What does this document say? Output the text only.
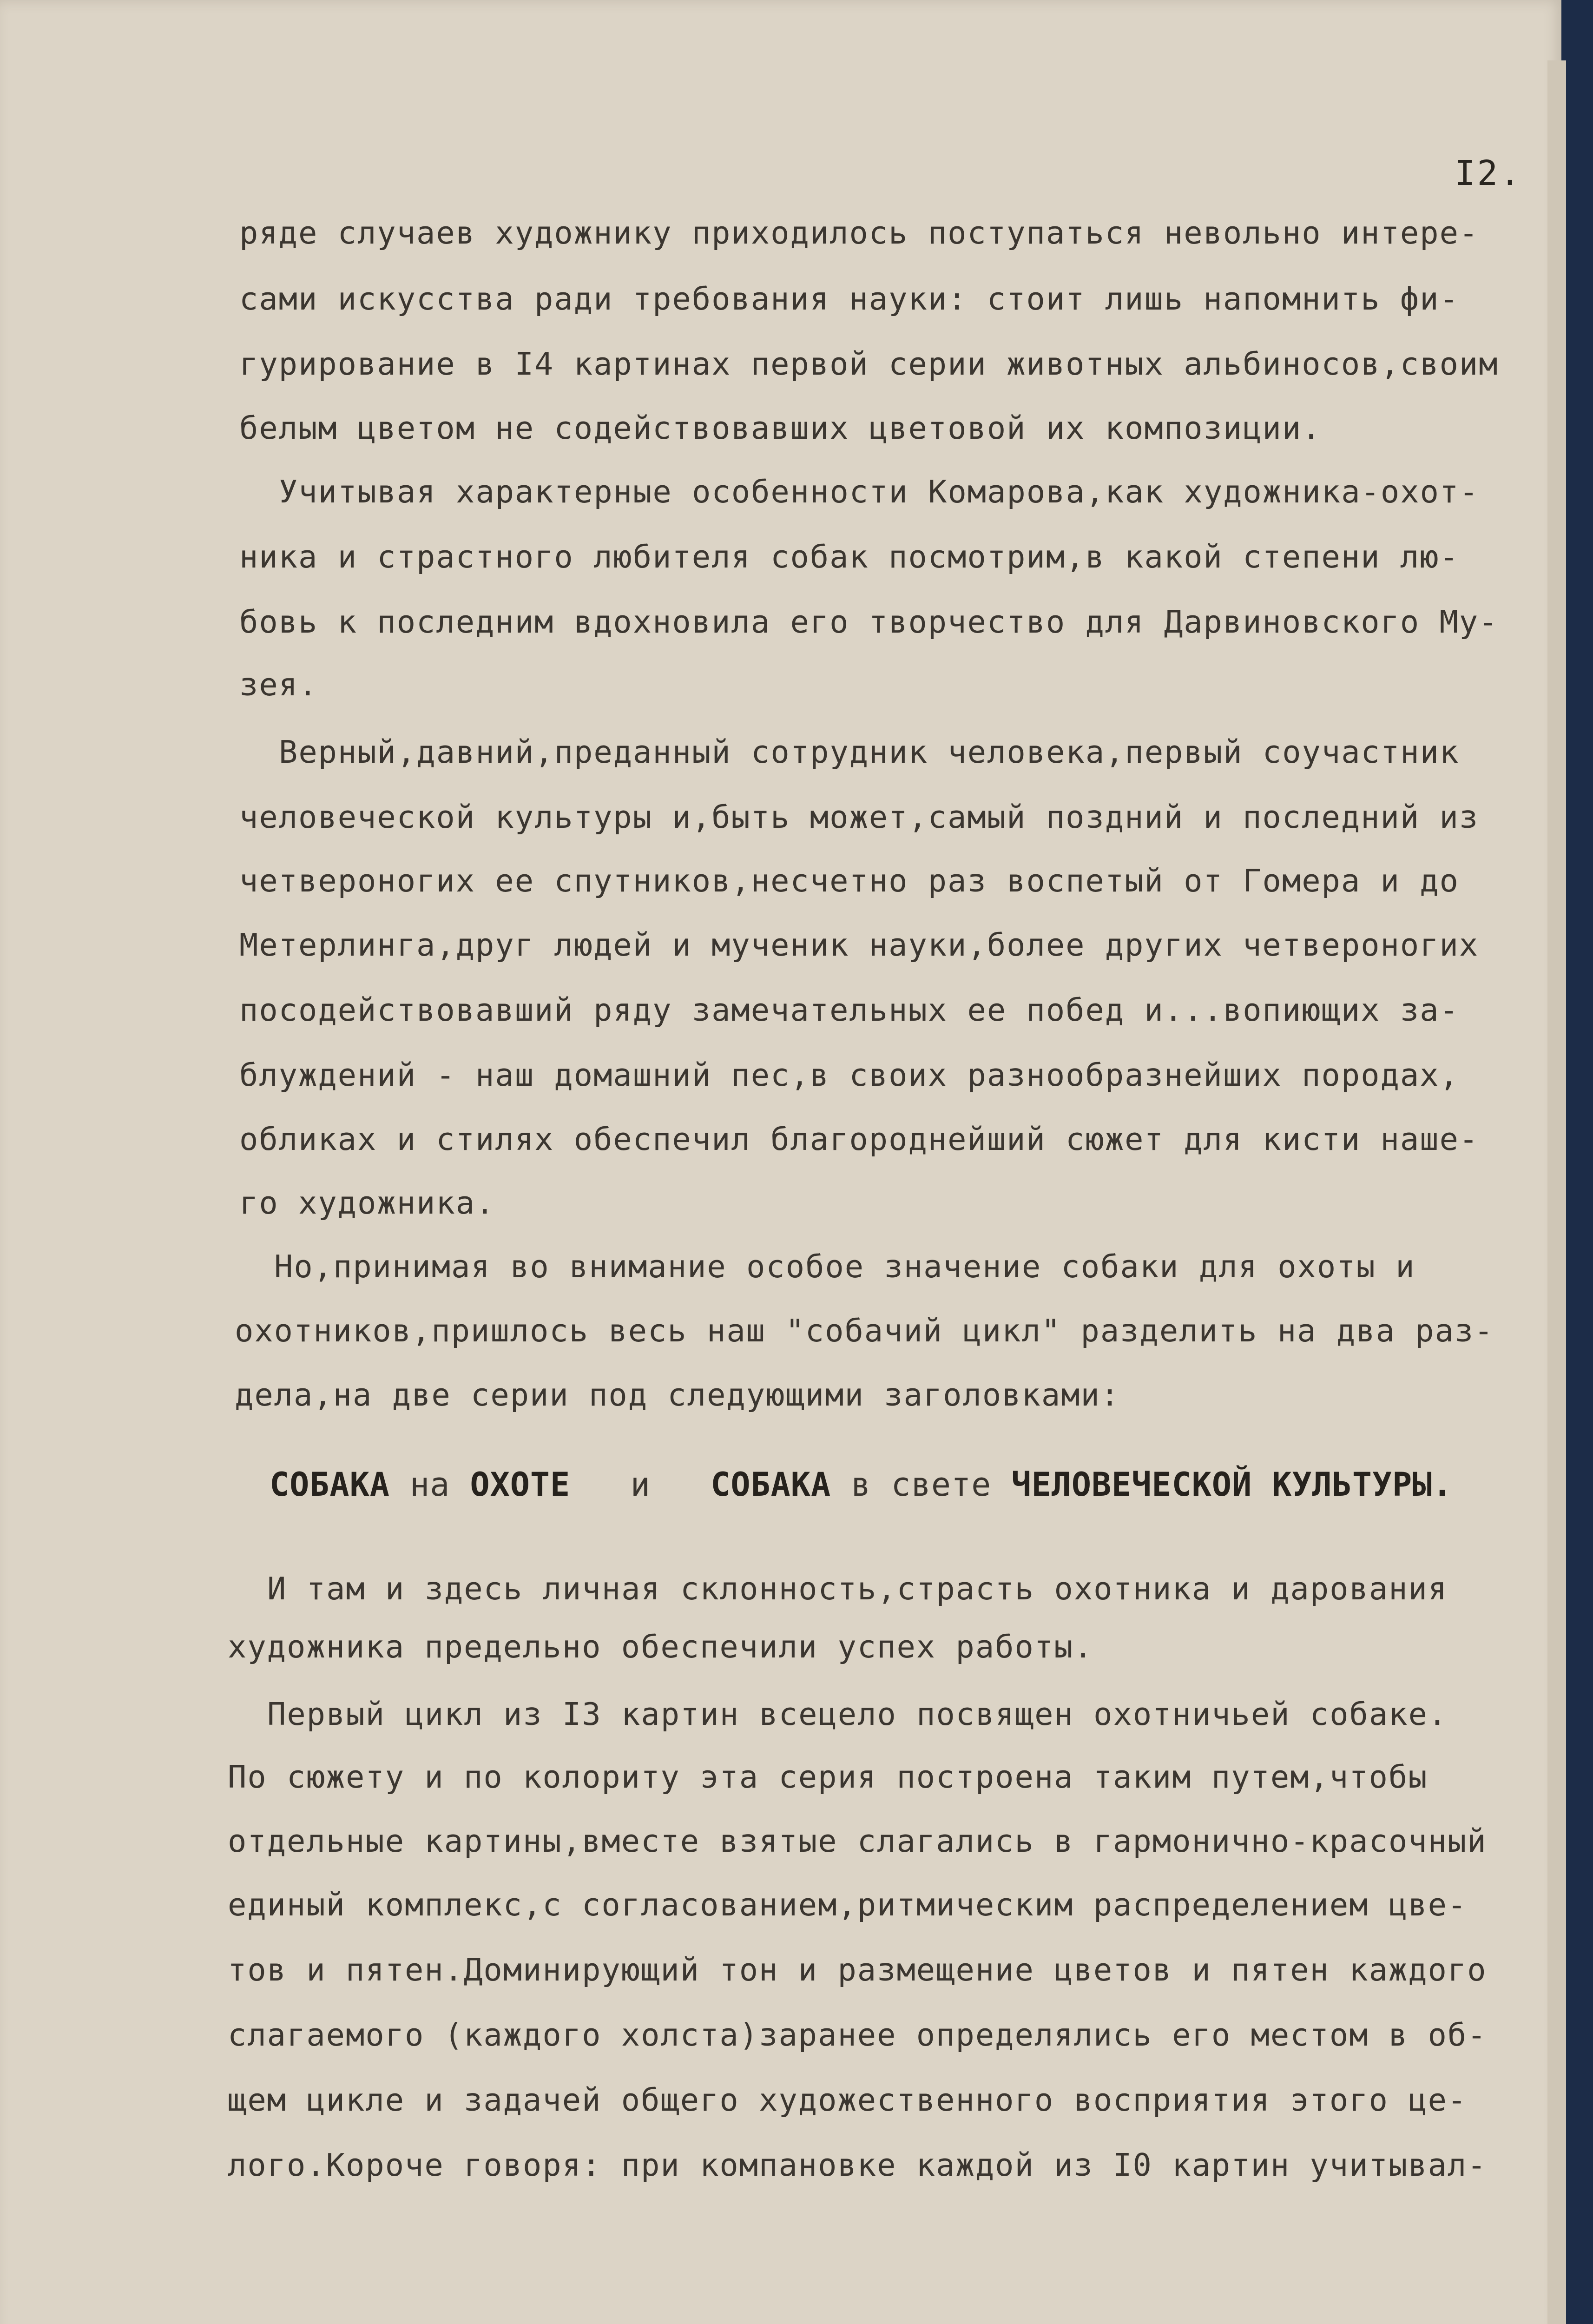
I2.
ряде случаев художнику приходилось поступаться невольно интере-
сами искусства ради требования науки: стоит лишь напомнить фи-
гурирование в I4 картинах первой серии животных альбиносов,своим
белым цветом не содействовавших цветовой их композиции.
Учитывая характерные особенности Комарова,как художника-охот-
ника и страстного любителя собак посмотрим,в какой степени лю-
бовь к последним вдохновила его творчество для Дарвиновского Му-
зея.
Верный,давний,преданный сотрудник человека,первый соучастник
человеческой культуры и,быть может,самый поздний и последний из
четвероногих ее спутников,несчетно раз воспетый от Гомера и до
Метерлинга,друг людей и мученик науки,более других четвероногих
посодействовавший ряду замечательных ее побед и...вопиющих за-
блуждений - наш домашний пес,в своих разнообразнейших породах,
обликах и стилях обеспечил благороднейший сюжет для кисти наше-
го художника.
Но,принимая во внимание особое значение собаки для охоты и
охотников,пришлось весь наш "собачий цикл" разделить на два раз-
дела,на две серии под следующими заголовками:
СОБАКА на ОХОТЕ и СОБАКА в свете ЧЕЛОВЕЧЕСКОЙ КУЛЬТУРЫ.
И там и здесь личная склонность,страсть охотника и дарования
художника предельно обеспечили успех работы.
Первый цикл из I3 картин всецело посвящен охотничьей собаке.
По сюжету и по колориту эта серия построена таким путем,чтобы
отдельные картины,вместе взятые слагались в гармонично-красочный
единый комплекс,с согласованием,ритмическим распределением цве-
тов и пятен.Доминирующий тон и размещение цветов и пятен каждого
слагаемого (каждого холста)заранее определялись его местом в об-
щем цикле и задачей общего художественного восприятия этого це-
лого.Короче говоря: при компановке каждой из I0 картин учитывал-
